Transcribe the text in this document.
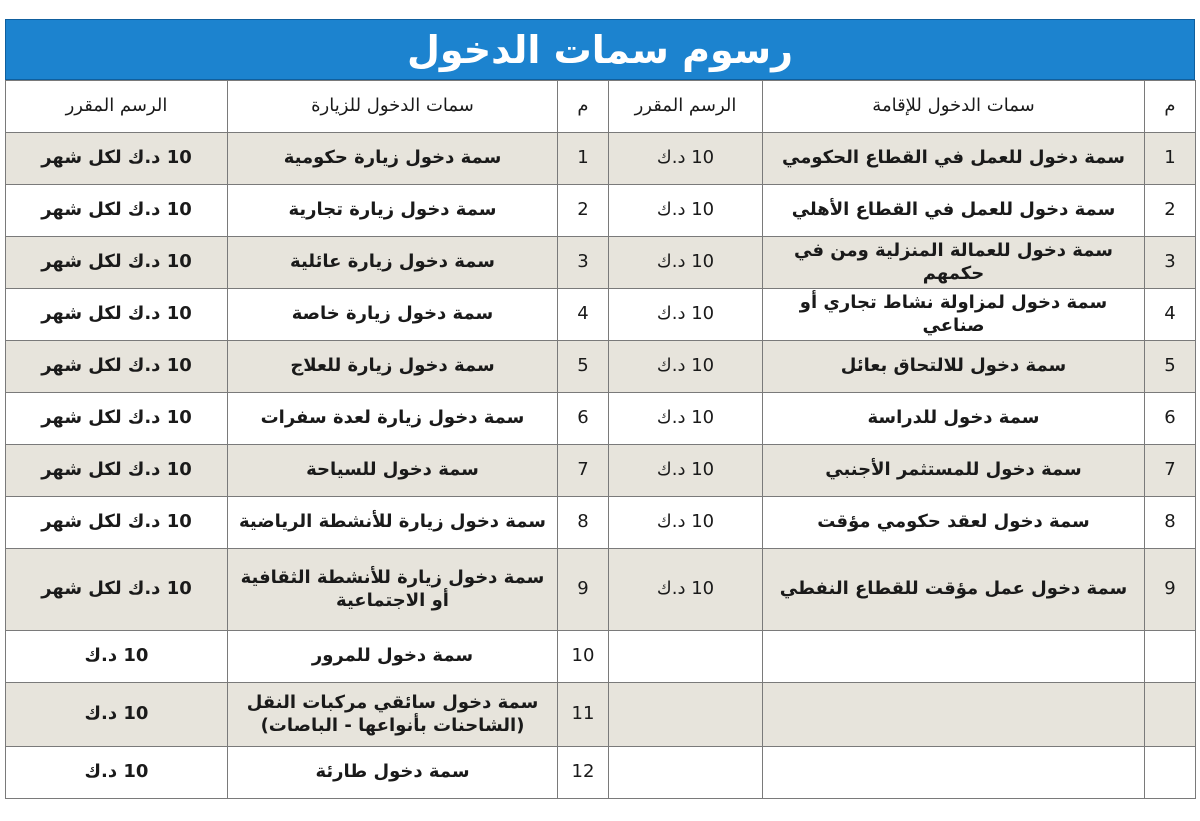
رسوم سمات الدخول
م	سمات الدخول للإقامة	الرسم المقرر	م	سمات الدخول للزيارة	الرسم المقرر
1	سمة دخول للعمل في القطاع الحكومي	10 د.ك	1	سمة دخول زيارة حكومية	10 د.ك لكل شهر
2	سمة دخول للعمل في القطاع الأهلي	10 د.ك	2	سمة دخول زيارة تجارية	10 د.ك لكل شهر
3	سمة دخول للعمالة المنزلية ومن في حكمهم	10 د.ك	3	سمة دخول زيارة عائلية	10 د.ك لكل شهر
4	سمة دخول لمزاولة نشاط تجاري أو صناعي	10 د.ك	4	سمة دخول زيارة خاصة	10 د.ك لكل شهر
5	سمة دخول للالتحاق بعائل	10 د.ك	5	سمة دخول زيارة للعلاج	10 د.ك لكل شهر
6	سمة دخول للدراسة	10 د.ك	6	سمة دخول زيارة لعدة سفرات	10 د.ك لكل شهر
7	سمة دخول للمستثمر الأجنبي	10 د.ك	7	سمة دخول للسياحة	10 د.ك لكل شهر
8	سمة دخول لعقد حكومي مؤقت	10 د.ك	8	سمة دخول زيارة للأنشطة الرياضية	10 د.ك لكل شهر
9	سمة دخول عمل مؤقت للقطاع النفطي	10 د.ك	9	سمة دخول زيارة للأنشطة الثقافية أو الاجتماعية	10 د.ك لكل شهر
			10	سمة دخول للمرور	10 د.ك
			11	سمة دخول سائقي مركبات النقل (الشاحنات بأنواعها - الباصات)	10 د.ك
			12	سمة دخول طارئة	10 د.ك
